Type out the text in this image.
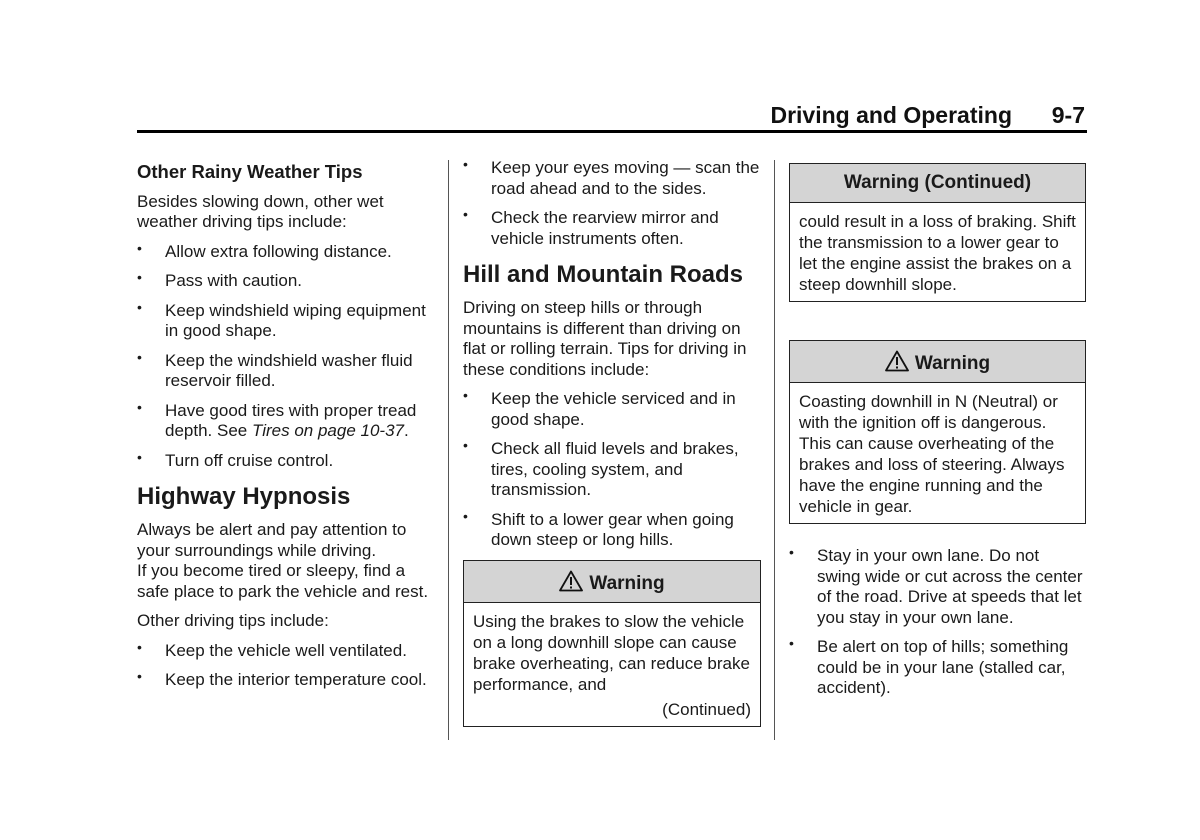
Driving and Operating 9-7
Other Rainy Weather Tips

Besides slowing down, other wet weather driving tips include:

• Allow extra following distance.
• Pass with caution.
• Keep windshield wiping equipment in good shape.
• Keep the windshield washer fluid reservoir filled.
• Have good tires with proper tread depth. See Tires on page 10-37.
• Turn off cruise control.
Highway Hypnosis

Always be alert and pay attention to your surroundings while driving.

If you become tired or sleepy, find a safe place to park the vehicle and rest.

Other driving tips include:

• Keep the vehicle well ventilated.
• Keep the interior temperature cool.
• Keep your eyes moving — scan the road ahead and to the sides.
• Check the rearview mirror and vehicle instruments often.
Hill and Mountain Roads

Driving on steep hills or through mountains is different than driving on flat or rolling terrain. Tips for driving in these conditions include:

• Keep the vehicle serviced and in good shape.
• Check all fluid levels and brakes, tires, cooling system, and transmission.
• Shift to a lower gear when going down steep or long hills.
Warning
Using the brakes to slow the vehicle on a long downhill slope can cause brake overheating, can reduce brake performance, and
(Continued)
Warning (Continued)
could result in a loss of braking. Shift the transmission to a lower gear to let the engine assist the brakes on a steep downhill slope.
Warning
Coasting downhill in N (Neutral) or with the ignition off is dangerous. This can cause overheating of the brakes and loss of steering. Always have the engine running and the vehicle in gear.
• Stay in your own lane. Do not swing wide or cut across the center of the road. Drive at speeds that let you stay in your own lane.
• Be alert on top of hills; something could be in your lane (stalled car, accident).
